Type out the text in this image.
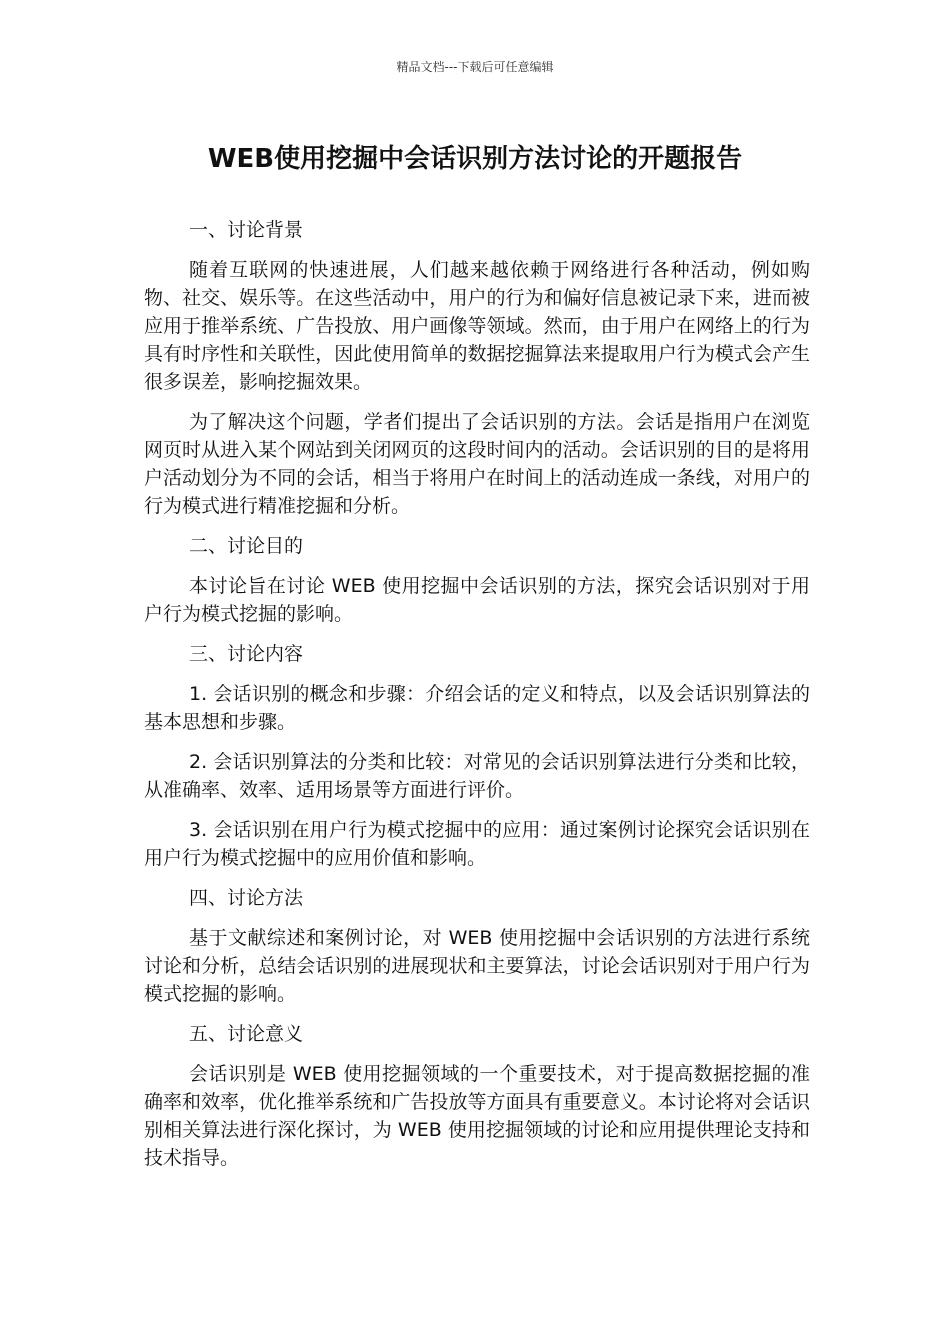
精品文档---下载后可任意编辑
WEB使用挖掘中会话识别方法讨论的开题报告

一、讨论背景

随着互联网的快速进展，人们越来越依赖于网络进行各种活动，例如购物、社交、娱乐等。在这些活动中，用户的行为和偏好信息被记录下来，进而被应用于推举系统、广告投放、用户画像等领域。然而，由于用户在网络上的行为具有时序性和关联性，因此使用简单的数据挖掘算法来提取用户行为模式会产生很多误差，影响挖掘效果。

为了解决这个问题，学者们提出了会话识别的方法。会话是指用户在浏览网页时从进入某个网站到关闭网页的这段时间内的活动。会话识别的目的是将用户活动划分为不同的会话，相当于将用户在时间上的活动连成一条线，对用户的行为模式进行精准挖掘和分析。

二、讨论目的

本讨论旨在讨论 WEB 使用挖掘中会话识别的方法，探究会话识别对于用户行为模式挖掘的影响。

三、讨论内容

1. 会话识别的概念和步骤：介绍会话的定义和特点，以及会话识别算法的基本思想和步骤。

2. 会话识别算法的分类和比较：对常见的会话识别算法进行分类和比较，从准确率、效率、适用场景等方面进行评价。

3. 会话识别在用户行为模式挖掘中的应用：通过案例讨论探究会话识别在用户行为模式挖掘中的应用价值和影响。

四、讨论方法

基于文献综述和案例讨论，对 WEB 使用挖掘中会话识别的方法进行系统讨论和分析，总结会话识别的进展现状和主要算法，讨论会话识别对于用户行为模式挖掘的影响。

五、讨论意义

会话识别是 WEB 使用挖掘领域的一个重要技术，对于提高数据挖掘的准确率和效率，优化推举系统和广告投放等方面具有重要意义。本讨论将对会话识别相关算法进行深化探讨，为 WEB 使用挖掘领域的讨论和应用提供理论支持和技术指导。
